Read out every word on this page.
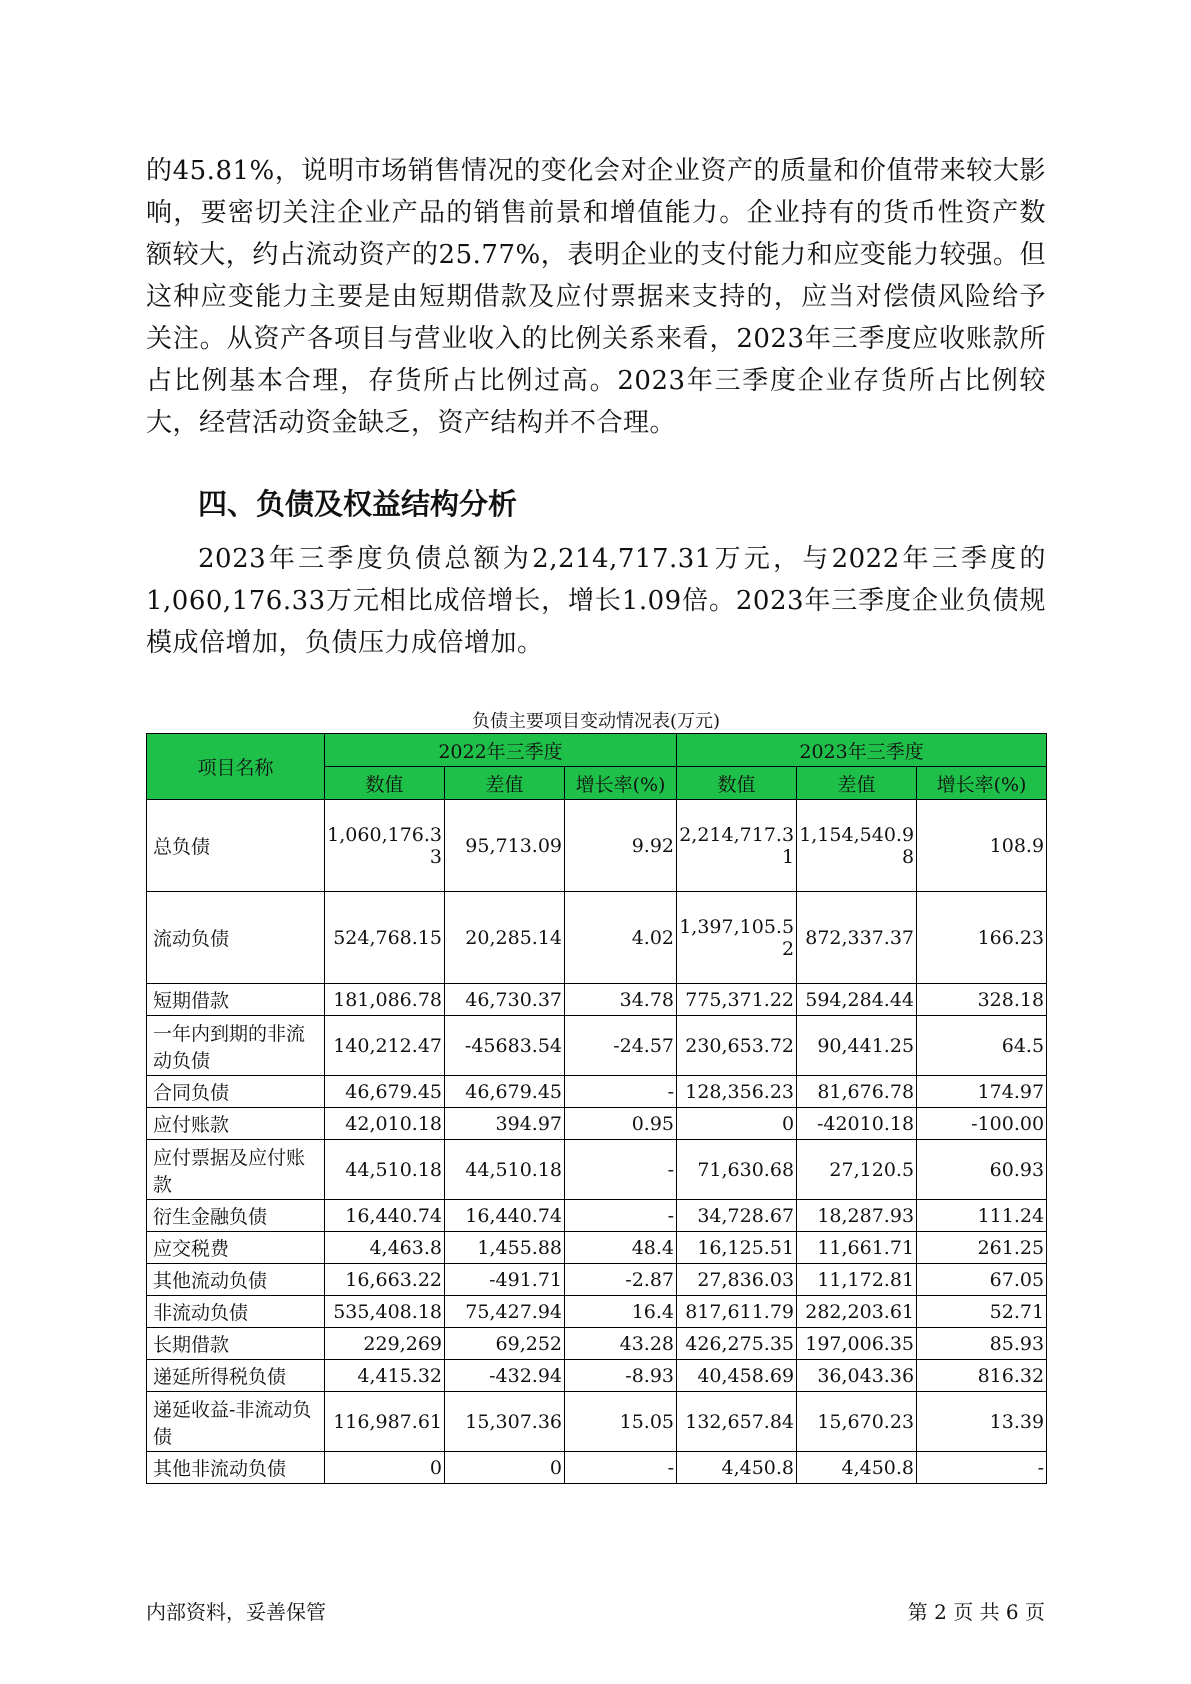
的45.81%，说明市场销售情况的变化会对企业资产的质量和价值带来较大影响，要密切关注企业产品的销售前景和增值能力。企业持有的货币性资产数额较大，约占流动资产的25.77%，表明企业的支付能力和应变能力较强。但这种应变能力主要是由短期借款及应付票据来支持的，应当对偿债风险给予关注。从资产各项目与营业收入的比例关系来看，2023年三季度应收账款所占比例基本合理，存货所占比例过高。2023年三季度企业存货所占比例较大，经营活动资金缺乏，资产结构并不合理。

四、负债及权益结构分析

2023年三季度负债总额为2,214,717.31万元，与2022年三季度的1,060,176.33万元相比成倍增长，增长1.09倍。2023年三季度企业负债规模成倍增加，负债压力成倍增加。

负债主要项目变动情况表(万元)

项目名称	2022年三季度			2023年三季度		
	数值	差值	增长率(%)	数值	差值	增长率(%)
总负债	1,060,176.33	95,713.09	9.92	2,214,717.31	1,154,540.98	108.9
流动负债	524,768.15	20,285.14	4.02	1,397,105.52	872,337.37	166.23
短期借款	181,086.78	46,730.37	34.78	775,371.22	594,284.44	328.18
一年内到期的非流动负债	140,212.47	-45683.54	-24.57	230,653.72	90,441.25	64.5
合同负债	46,679.45	46,679.45	-	128,356.23	81,676.78	174.97
应付账款	42,010.18	394.97	0.95	0	-42010.18	-100.00
应付票据及应付账款	44,510.18	44,510.18	-	71,630.68	27,120.5	60.93
衍生金融负债	16,440.74	16,440.74	-	34,728.67	18,287.93	111.24
应交税费	4,463.8	1,455.88	48.4	16,125.51	11,661.71	261.25
其他流动负债	16,663.22	-491.71	-2.87	27,836.03	11,172.81	67.05
非流动负债	535,408.18	75,427.94	16.4	817,611.79	282,203.61	52.71
长期借款	229,269	69,252	43.28	426,275.35	197,006.35	85.93
递延所得税负债	4,415.32	-432.94	-8.93	40,458.69	36,043.36	816.32
递延收益-非流动负债	116,987.61	15,307.36	15.05	132,657.84	15,670.23	13.39
其他非流动负债	0	0	-	4,450.8	4,450.8	-

内部资料，妥善保管	第 2 页 共 6 页
